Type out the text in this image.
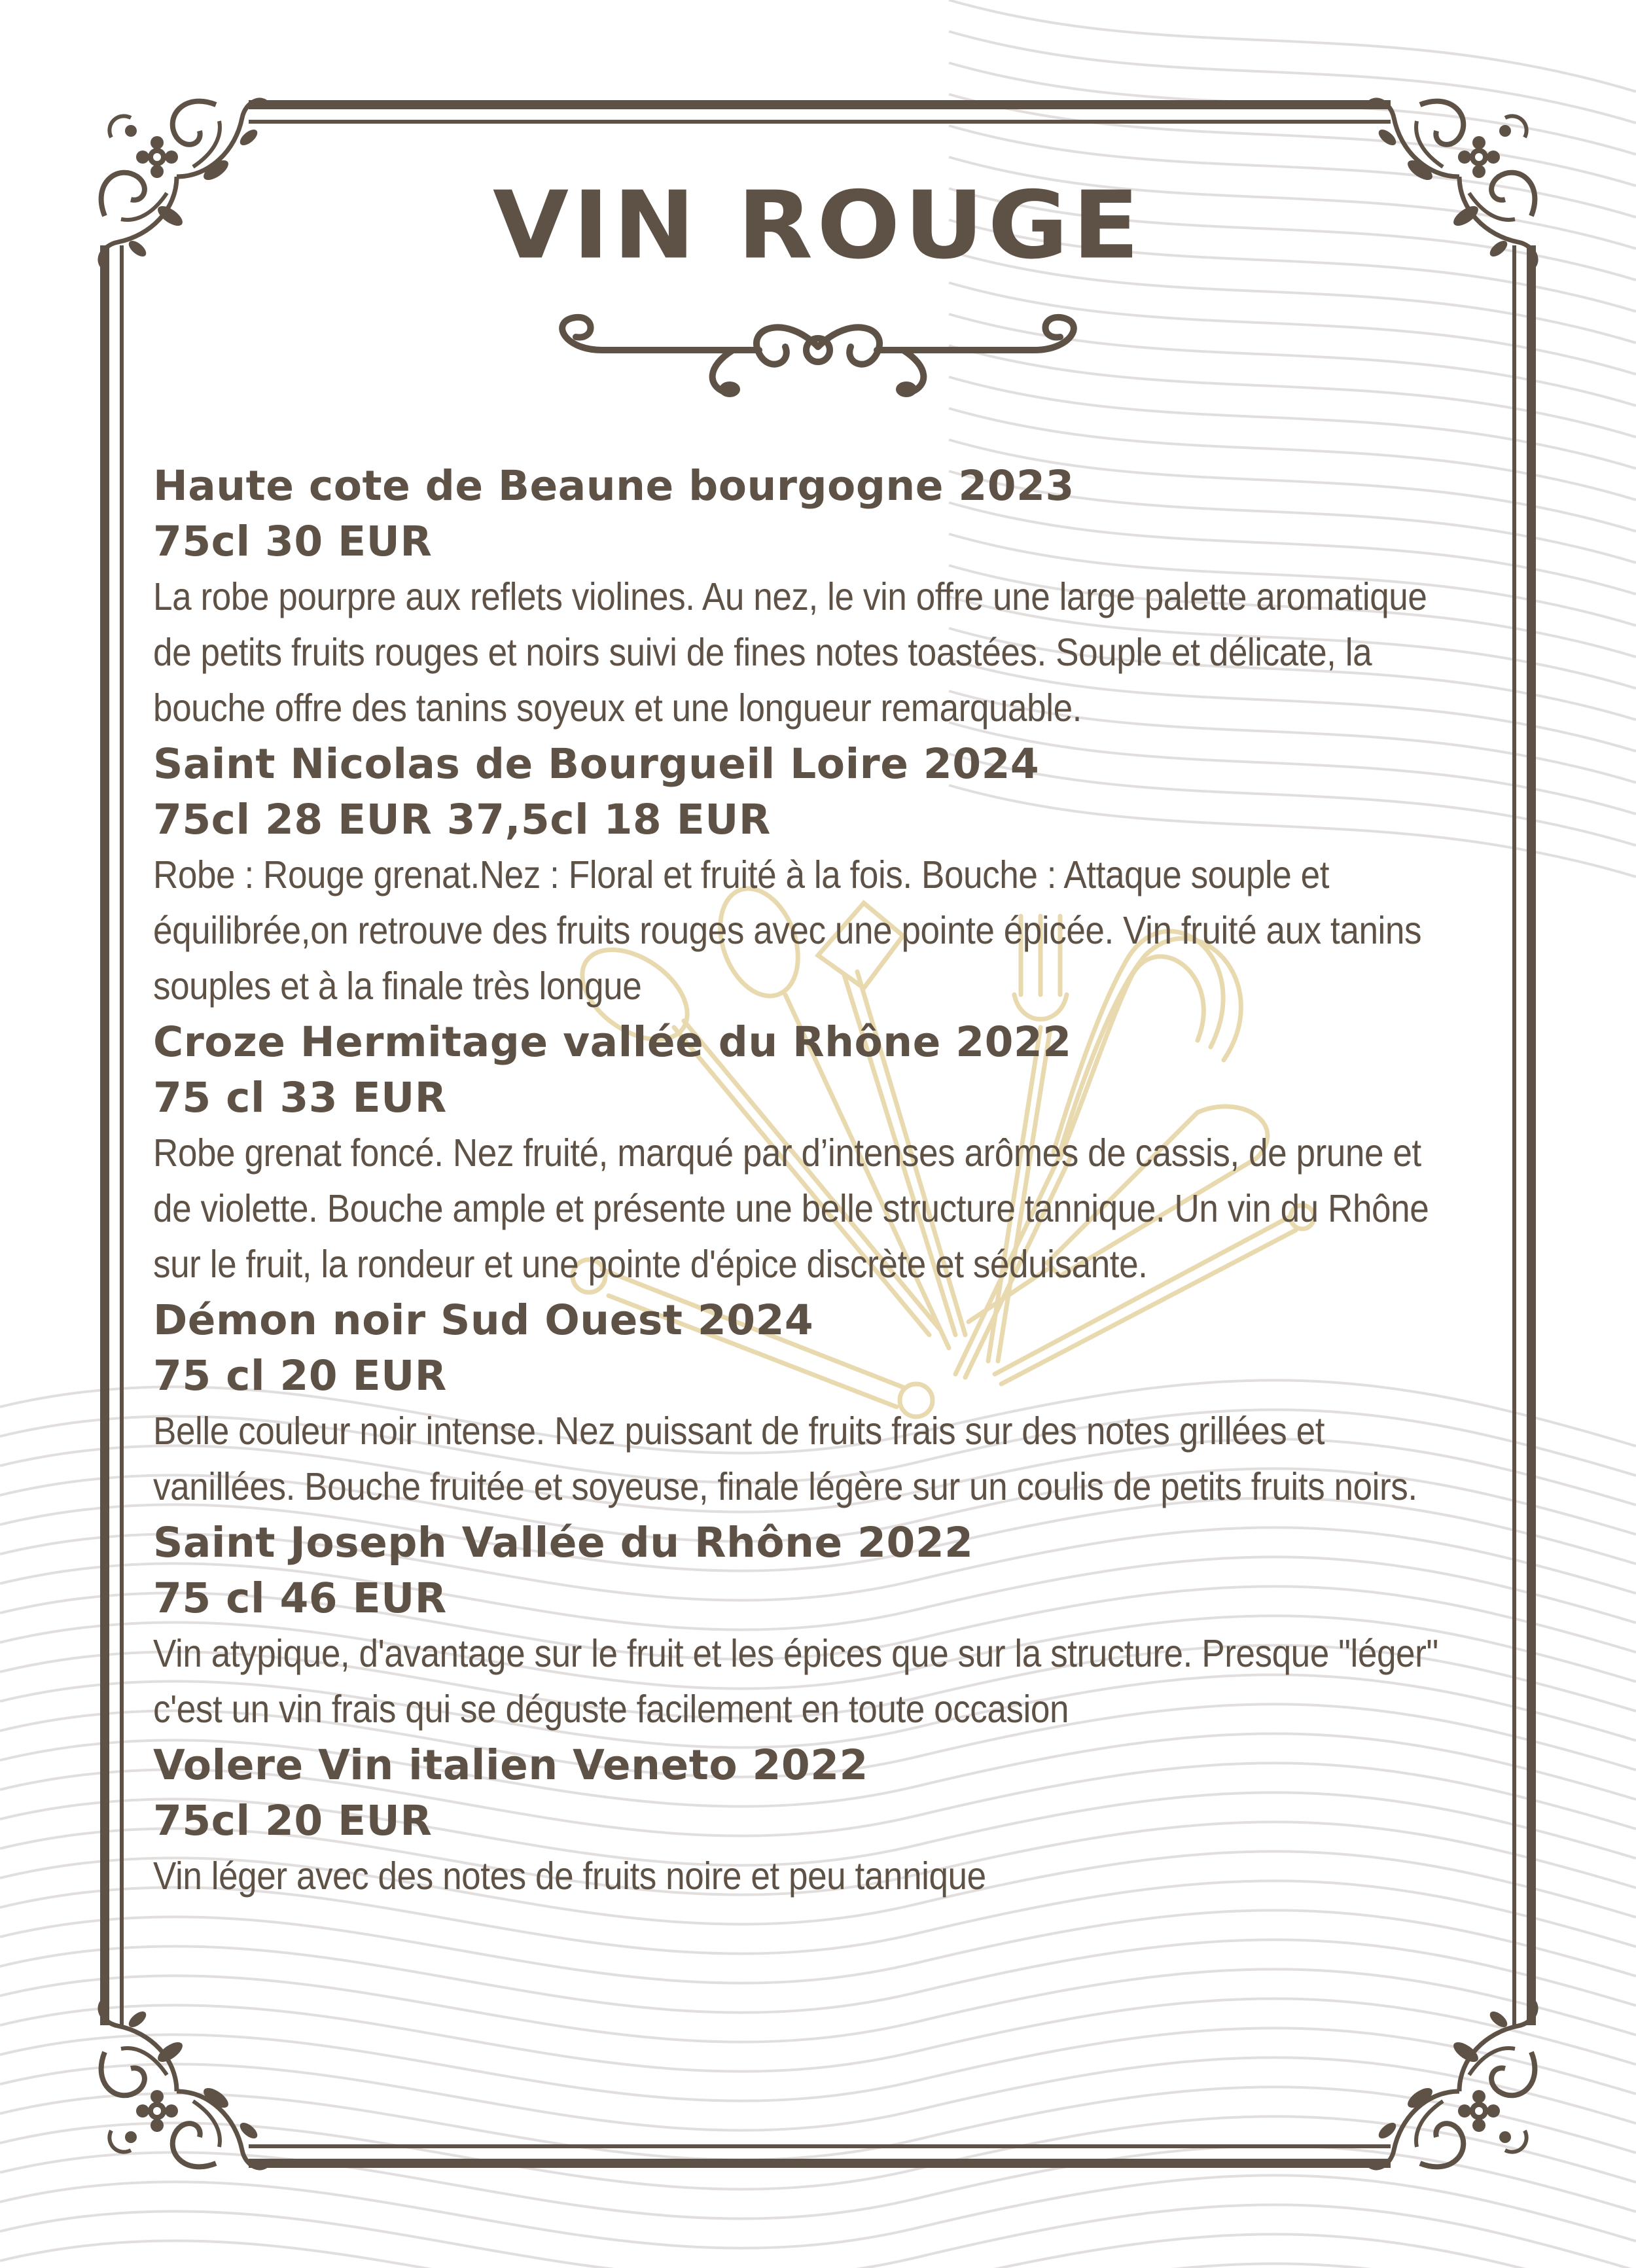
VIN ROUGE
Haute cote de Beaune bourgogne 2023
75cl 30 EUR
La robe pourpre aux reflets violines. Au nez, le vin offre une large palette aromatique de petits fruits rouges et noirs suivi de fines notes toastées. Souple et délicate, la bouche offre des tanins soyeux et une longueur remarquable.
Saint Nicolas de Bourgueil Loire 2024
75cl 28 EUR 37,5cl 18 EUR
Robe : Rouge grenat.Nez : Floral et fruité à la fois. Bouche : Attaque souple et équilibrée,on retrouve des fruits rouges avec une pointe épicée. Vin fruité aux tanins souples et à la finale très longue
Croze Hermitage vallée du Rhône 2022
75 cl 33 EUR
Robe grenat foncé. Nez fruité, marqué par d’intenses arômes de cassis, de prune et de violette. Bouche ample et présente une belle structure tannique. Un vin du Rhône sur le fruit, la rondeur et une pointe d'épice discrète et séduisante.
Démon noir Sud Ouest 2024
75 cl 20 EUR
Belle couleur noir intense. Nez puissant de fruits frais sur des notes grillées et vanillées. Bouche fruitée et soyeuse, finale légère sur un coulis de petits fruits noirs.
Saint Joseph Vallée du Rhône 2022
75 cl 46 EUR
Vin atypique, d'avantage sur le fruit et les épices que sur la structure. Presque "léger" c'est un vin frais qui se déguste facilement en toute occasion
Volere Vin italien Veneto 2022
75cl 20 EUR
Vin léger avec des notes de fruits noire et peu tannique
